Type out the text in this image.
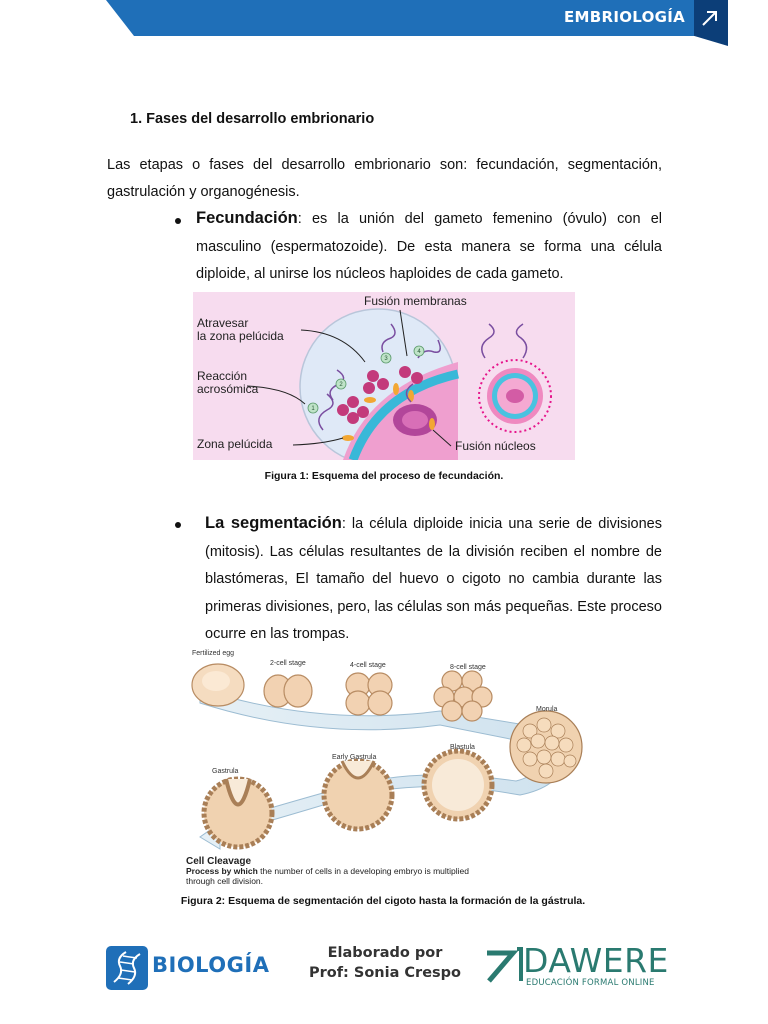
EMBRIOLOGÍA
1. Fases del desarrollo embrionario
Las etapas o fases del desarrollo embrionario son: fecundación, segmentación, gastrulación y organogénesis.
Fecundación: es la unión del gameto femenino (óvulo) con el masculino (espermatozoide). De esta manera se forma una célula diploide, al unirse los núcleos haploides de cada gameto.
1
2
3
4
Fusión membranas
Atravesar
la zona pelúcida
Reacción
acrosómica
Zona pelúcida	Fusión núcleos
Figura 1: Esquema del proceso de fecundación.
La segmentación: la célula diploide inicia una serie de divisiones (mitosis). Las células resultantes de la división reciben el nombre de blastómeras, El tamaño del huevo o cigoto no cambia durante las primeras divisiones, pero, las células son más pequeñas. Este proceso ocurre en las trompas.
Fertilized egg
2-cell stage	4-cell stage	8-cell stage
Morula
Blastula
Early Gastrula
Gastrula
Cell Cleavage
Process by which the number of cells in a developing embryo is multiplied
through cell division.
Figura 2: Esquema de segmentación del cigoto hasta la formación de la gástrula.
BIOLOGÍA	Elaborado por
Prof: Sonia Crespo DAWERE
EDUCACIÓN FORMAL ONLINE
